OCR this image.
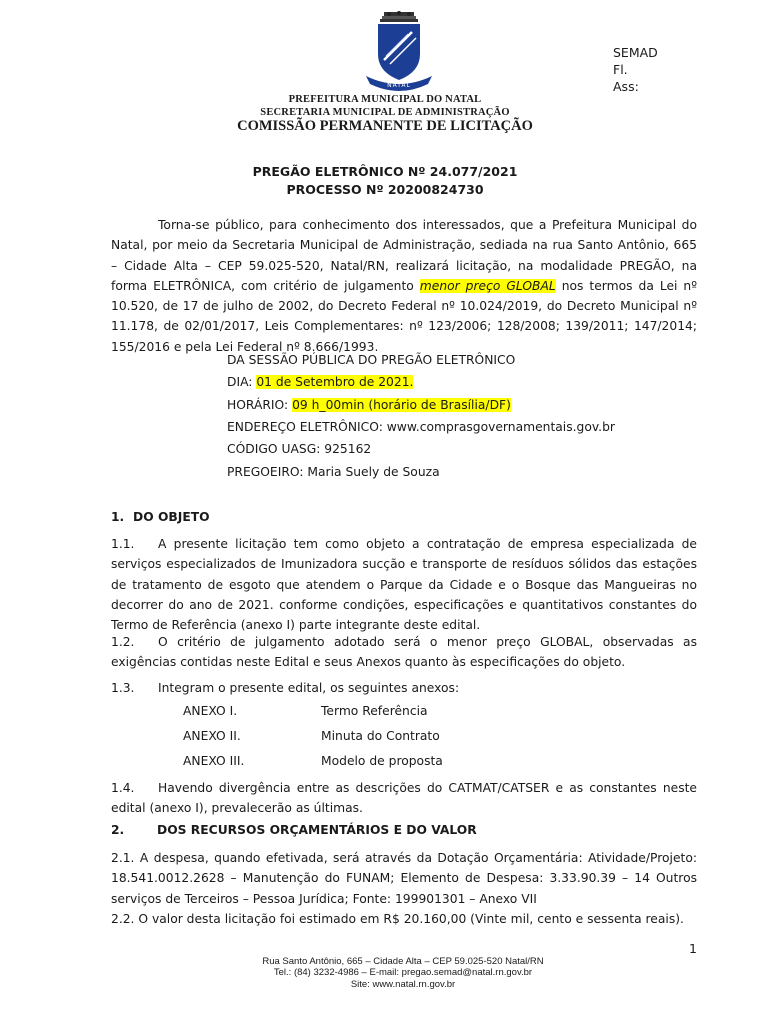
NATAL
SEMAD
Fl.
Ass:
PREFEITURA MUNICIPAL DO NATAL
SECRETARIA MUNICIPAL DE ADMINISTRAÇÃO
COMISSÃO PERMANENTE DE LICITAÇÃO
PREGÃO ELETRÔNICO Nº 24.077/2021
PROCESSO Nº 20200824730

Torna-se público, para conhecimento dos interessados, que a Prefeitura Municipal do Natal, por meio da Secretaria Municipal de Administração, sediada na rua Santo Antônio, 665 – Cidade Alta – CEP 59.025-520, Natal/RN, realizará licitação, na modalidade PREGÃO, na forma ELETRÔNICA, com critério de julgamento menor preço GLOBAL nos termos da Lei nº 10.520, de 17 de julho de 2002, do Decreto Federal nº 10.024/2019, do Decreto Municipal nº 11.178, de 02/01/2017, Leis Complementares: nº 123/2006; 128/2008; 139/2011; 147/2014; 155/2016 e pela Lei Federal nº 8.666/1993.

DA SESSÃO PÚBLICA DO PREGÃO ELETRÔNICO
DIA: 01 de Setembro de 2021.
HORÁRIO: 09 h_00min (horário de Brasília/DF)
ENDEREÇO ELETRÔNICO: www.comprasgovernamentais.gov.br
CÓDIGO UASG: 925162
PREGOEIRO: Maria Suely de Souza
1. DO OBJETO

1.1. A presente licitação tem como objeto a contratação de empresa especializada de serviços especializados de Imunizadora sucção e transporte de resíduos sólidos das estações de tratamento de esgoto que atendem o Parque da Cidade e o Bosque das Mangueiras no decorrer do ano de 2021. conforme condições, especificações e quantitativos constantes do Termo de Referência (anexo I) parte integrante deste edital.

1.2. O critério de julgamento adotado será o menor preço GLOBAL, observadas as exigências contidas neste Edital e seus Anexos quanto às especificações do objeto.

1.3. Integram o presente edital, os seguintes anexos:

ANEXO I.	Termo Referência
ANEXO II.	Minuta do Contrato
ANEXO III.	Modelo de proposta

1.4. Havendo divergência entre as descrições do CATMAT/CATSER e as constantes neste edital (anexo I), prevalecerão as últimas.

2.	DOS RECURSOS ORÇAMENTÁRIOS E DO VALOR

2.1. A despesa, quando efetivada, será através da Dotação Orçamentária: Atividade/Projeto: 18.541.0012.2628 – Manutenção do FUNAM; Elemento de Despesa: 3.33.90.39 – 14 Outros serviços de Terceiros – Pessoa Jurídica; Fonte: 199901301 – Anexo VII

2.2. O valor desta licitação foi estimado em R$ 20.160,00 (Vinte mil, cento e sessenta reais).

1
Rua Santo Antônio, 665 – Cidade Alta – CEP 59.025-520 Natal/RN
Tel.: (84) 3232-4986 – E-mail: pregao.semad@natal.rn.gov.br
Site: www.natal.rn.gov.br
